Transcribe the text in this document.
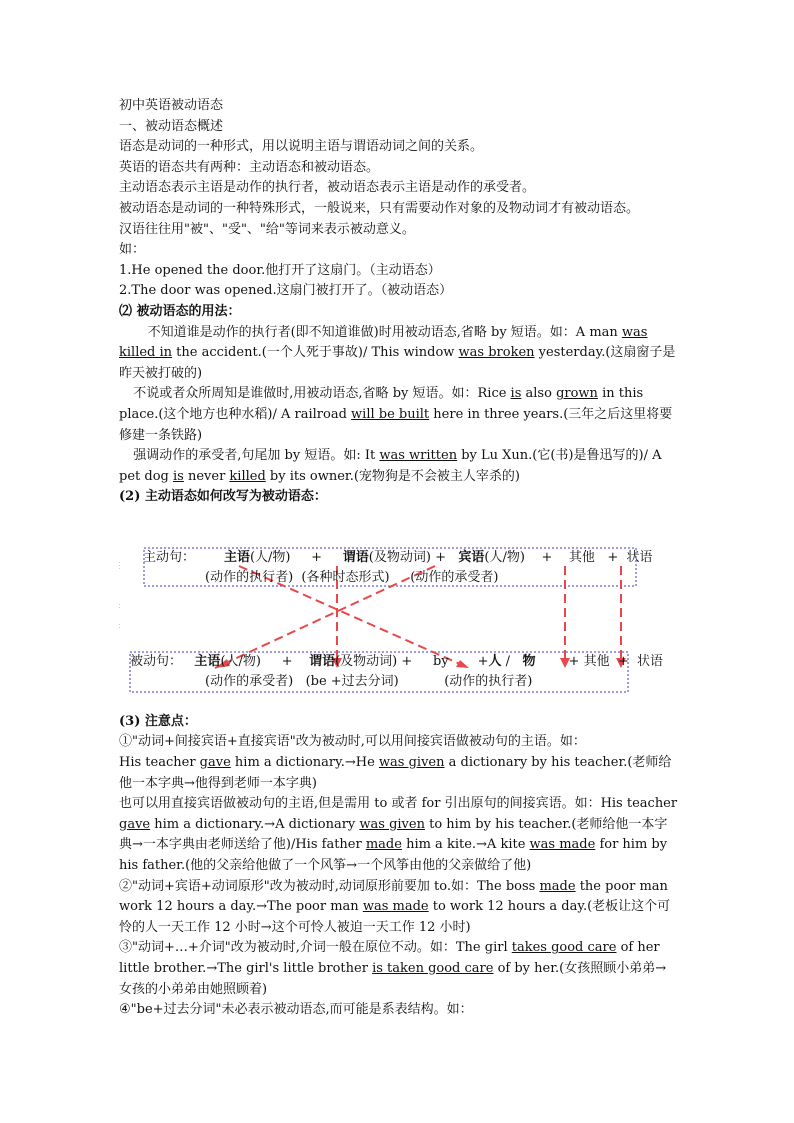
初中英语被动语态
一、被动语态概述
语态是动词的一种形式，用以说明主语与谓语动词之间的关系。
英语的语态共有两种：主动语态和被动语态。
主动语态表示主语是动作的执行者，被动语态表示主语是动作的承受者。
被动语态是动词的一种特殊形式，一般说来，只有需要动作对象的及物动词才有被动语态。
汉语往往用"被"、"受"、"给"等词来表示被动意义。
如：
1.He opened the door.他打开了这扇门。（主动语态）
2.The door was opened.这扇门被打开了。（被动语态）
⑵ 被动语态的用法：
不知道谁是动作的执行者(即不知道谁做)时用被动语态,省略 by 短语。如：A man was killed in the accident.(一个人死于事故)/ This window was broken yesterday.(这扇窗子是昨天被打破的)
不说或者众所周知是谁做时,用被动语态,省略 by 短语。如：Rice is also grown in this place.(这个地方也种水稻)/ A railroad will be built here in three years.(三年之后这里将要修建一条铁路)
强调动作的承受者,句尾加 by 短语。如: It was written by Lu Xun.(它(书)是鲁迅写的)/ A pet dog is never killed by its owner.(宠物狗是不会被主人宰杀的)
(2) 主动语态如何改写为被动语态：
主动句： 主语(人/物) + 谓语(及物动词) + 宾语(人/物) + 其他 + 状语
(动作的执行者) (各种时态形式) (动作的承受者)
被动句： 主语(人/物) + 谓语(及物动词) + by +人 / 物	+ 其他 + 状语
(动作的承受者) (be +过去分词)	(动作的执行者)
(3) 注意点：
①"动词+间接宾语+直接宾语"改为被动时,可以用间接宾语做被动句的主语。如：
His teacher gave him a dictionary.→He was given a dictionary by his teacher.(老师给他一本字典→他得到老师一本字典)
也可以用直接宾语做被动句的主语,但是需用 to 或者 for 引出原句的间接宾语。如：His teacher gave him a dictionary.→A dictionary was given to him by his teacher.(老师给他一本字典→一本字典由老师送给了他)/His father made him a kite.→A kite was made for him by his father.(他的父亲给他做了一个风筝→一个风筝由他的父亲做给了他)
②"动词+宾语+动词原形"改为被动时,动词原形前要加 to.如：The boss made the poor man work 12 hours a day.→The poor man was made to work 12 hours a day.(老板让这个可怜的人一天工作 12 小时→这个可怜人被迫一天工作 12 小时)
③"动词+…+介词"改为被动时,介词一般在原位不动。如：The girl takes good care of her little brother.→The girl's little brother is taken good care of by her.(女孩照顾小弟弟→女孩的小弟弟由她照顾着)
④"be+过去分词"未必表示被动语态,而可能是系表结构。如：
